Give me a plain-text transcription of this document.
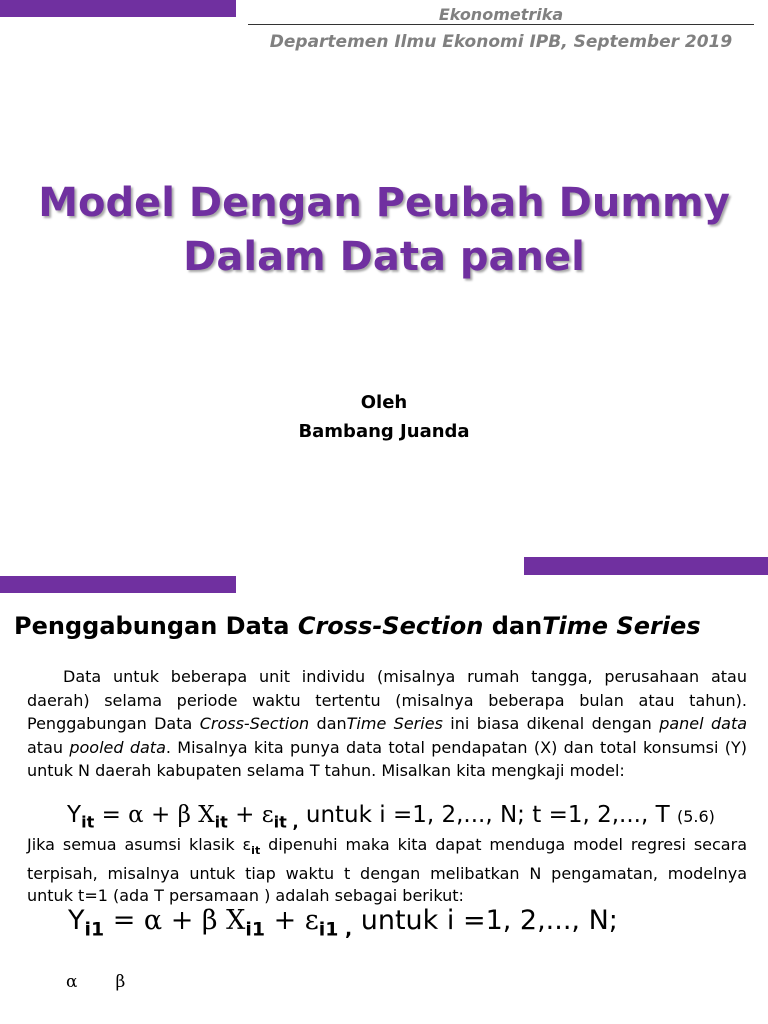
Ekonometrika
Departemen Ilmu Ekonomi IPB, September 2019
Model Dengan Peubah Dummy
Dalam Data panel
Oleh
Bambang Juanda
Penggabungan Data Cross-Section danTime Series

Data untuk beberapa unit individu (misalnya rumah tangga, perusahaan atau daerah) selama periode waktu tertentu (misalnya beberapa bulan atau tahun). Penggabungan Data Cross-Section danTime Series ini biasa dikenal dengan panel data atau pooled data. Misalnya kita punya data total pendapatan (X) dan total konsumsi (Y) untuk N daerah kabupaten selama T tahun. Misalkan kita mengkaji model:

$Y_{it} = \alpha + \beta$ $X_{it} + \varepsilon_{it ,}$ untuk i =1, 2,..., N; t =1, 2,..., T (5.6)

Jika semua asumsi klasik $\varepsilon_{it}$ dipenuhi maka kita dapat menduga model regresi secara terpisah, misalnya untuk tiap waktu t dengan melibatkan N pengamatan, modelnya untuk t=1 (ada T persamaan ) adalah sebagai berikut:

$Y_{i1} = \alpha + \beta$ $X_{i1} + \varepsilon_{i1 ,}$ untuk i =1, 2,..., N;
α β
